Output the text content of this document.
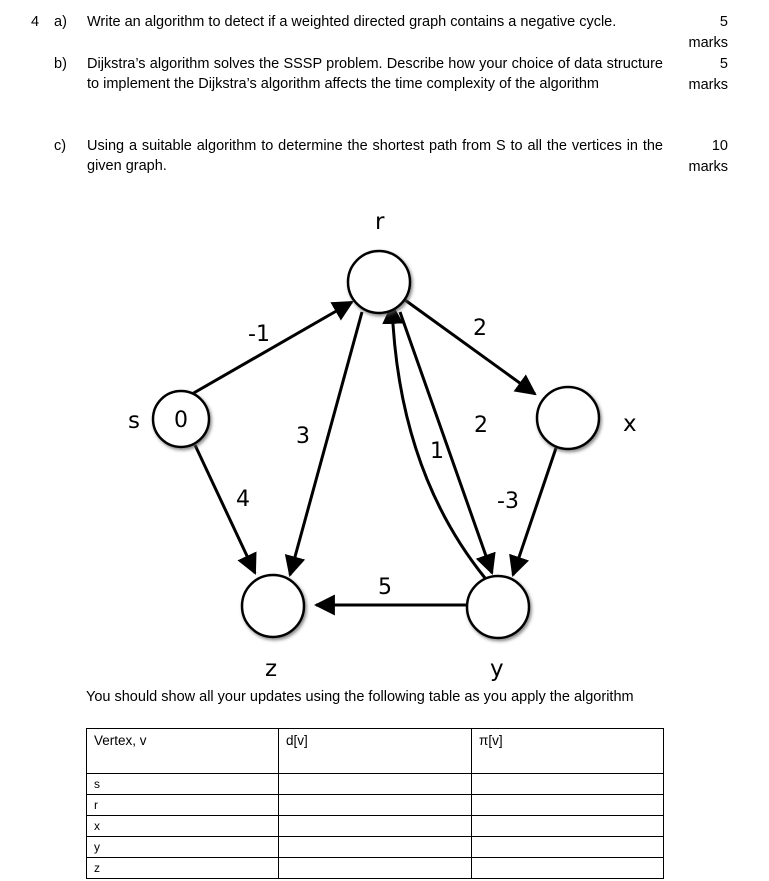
4 a) Write an algorithm to detect if a weighted directed graph contains a negative cycle.	5
marks
b) Dijkstra’s algorithm solves the SSSP problem. Describe how your choice of data structure to implement the Dijkstra’s algorithm affects the time complexity of the algorithm
5
marks
c) Using a suitable algorithm to determine the shortest path from S to all the vertices in the given graph.
10
marks
-1
4
3
2
2
1
-3
5
0
s
r
x
y
z
You should show all your updates using the following table as you apply the algorithm
Vertex, v	d[v]	π[v]
s		
r		
x		
y		
z		
